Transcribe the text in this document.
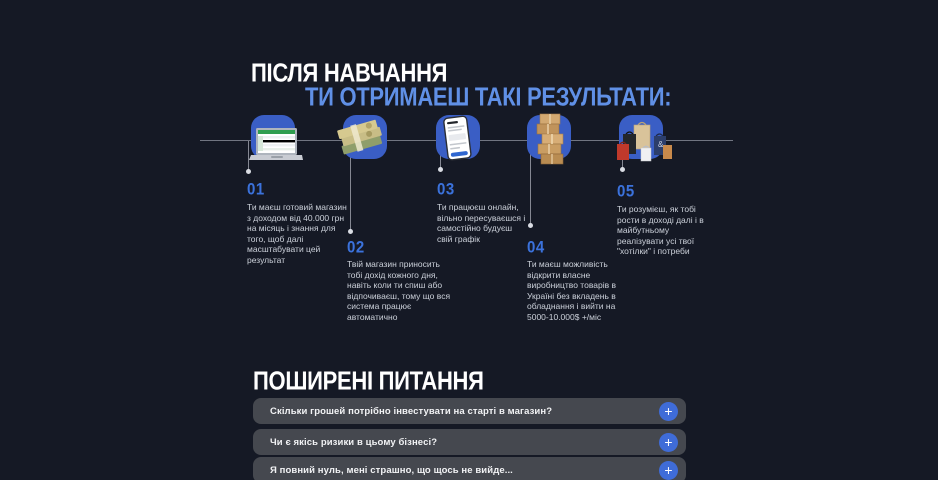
ПІСЛЯ НАВЧАННЯ
ТИ ОТРИМАЕШ ТАКІ РЕЗУЛЬТАТИ:
&
01
Ти маєш готовий магазин з доходом від 40.000 грн на місяць і знання для того, щоб далі масштабувати цей результат
02
Твій магазин приносить тобі дохід кожного дня, навіть коли ти спиш або відпочиваєш, тому що вся система працює автоматично
03
Ти працюєш онлайн, вільно пересуваєшся і самостійно будуєш свій графік	04
Ти маєш можливість відкрити власне виробництво товарів в Україні без вкладень в обладнання і вийти на 5000-10.000$ +/міс
05
Ти розумієш, як тобі рости в доході далі і в майбутньому реалізувати усі твої "хотілки" і потреби
ПОШИРЕНІ ПИТАННЯ
Скільки грошей потрібно інвестувати на старті в магазин?	+
Чи є якісь ризики в цьому бізнесі?	+
Я повний нуль, мені страшно, що щось не вийде...	+
